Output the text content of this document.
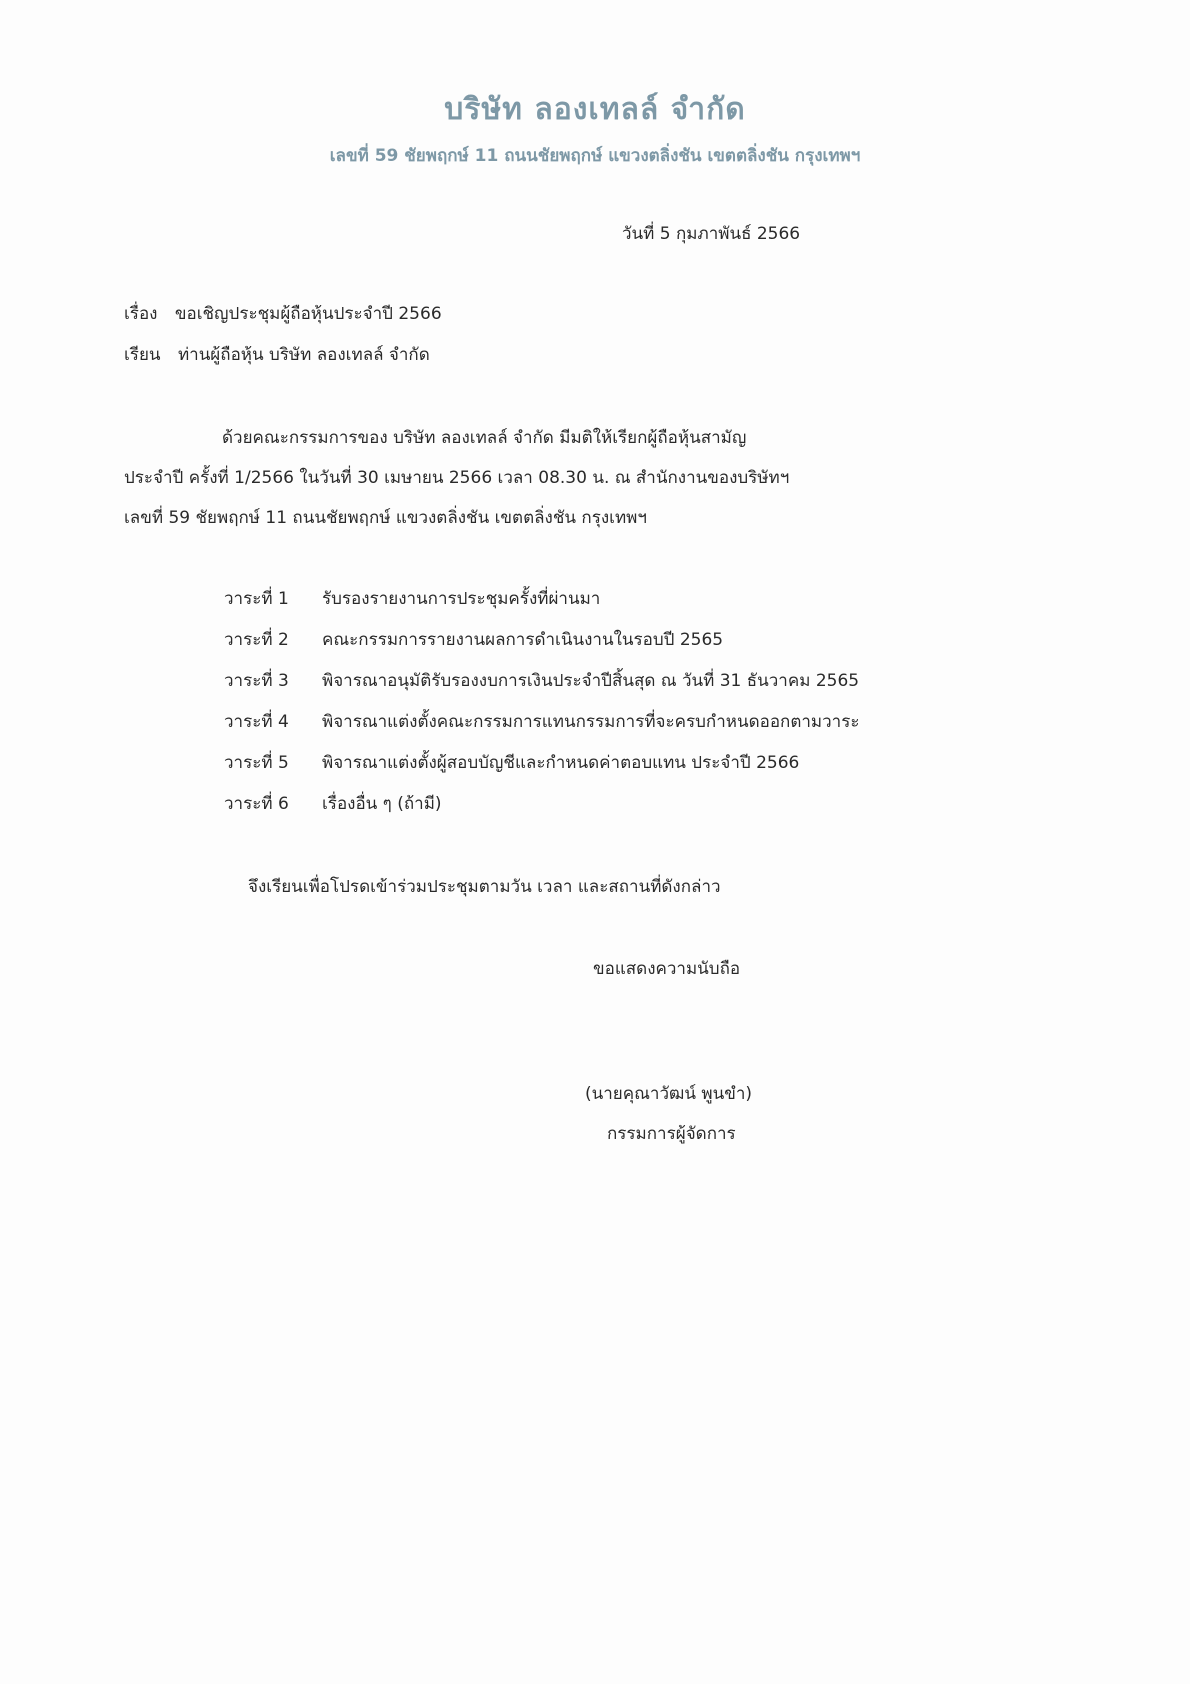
บริษัท ลองเทลล์ จำกัด
เลขที่ 59 ชัยพฤกษ์ 11 ถนนชัยพฤกษ์ แขวงตลิ่งชัน เขตตลิ่งชัน กรุงเทพฯ
วันที่ 5 กุมภาพันธ์ 2566
เรื่อง ขอเชิญประชุมผู้ถือหุ้นประจำปี 2566
เรียน ท่านผู้ถือหุ้น บริษัท ลองเทลล์ จำกัด
ด้วยคณะกรรมการของ บริษัท ลองเทลล์ จำกัด มีมติให้เรียกผู้ถือหุ้นสามัญ
ประจำปี ครั้งที่ 1/2566 ในวันที่ 30 เมษายน 2566 เวลา 08.30 น. ณ สำนักงานของบริษัทฯ
เลขที่ 59 ชัยพฤกษ์ 11 ถนนชัยพฤกษ์ แขวงตลิ่งชัน เขตตลิ่งชัน กรุงเทพฯ
วาระที่ 1 รับรองรายงานการประชุมครั้งที่ผ่านมา
วาระที่ 2 คณะกรรมการรายงานผลการดำเนินงานในรอบปี 2565
วาระที่ 3 พิจารณาอนุมัติรับรองงบการเงินประจำปีสิ้นสุด ณ วันที่ 31 ธันวาคม 2565
วาระที่ 4 พิจารณาแต่งตั้งคณะกรรมการแทนกรรมการที่จะครบกำหนดออกตามวาระ
วาระที่ 5 พิจารณาแต่งตั้งผู้สอบบัญชีและกำหนดค่าตอบแทน ประจำปี 2566
วาระที่ 6 เรื่องอื่น ๆ (ถ้ามี)
จึงเรียนเพื่อโปรดเข้าร่วมประชุมตามวัน เวลา และสถานที่ดังกล่าว
ขอแสดงความนับถือ
(นายคุณาวัฒน์ พูนขำ)
กรรมการผู้จัดการ
